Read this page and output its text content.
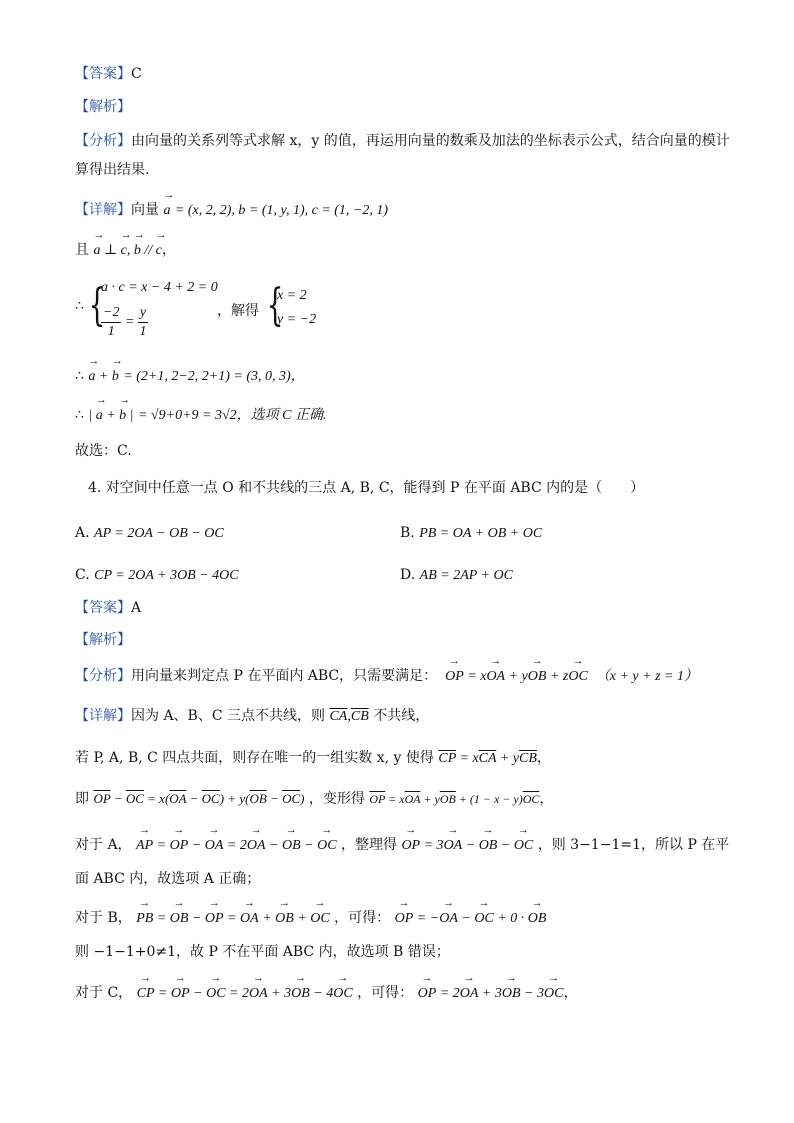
【答案】C
【解析】
【分析】由向量的关系列等式求解 x，y 的值，再运用向量的数乘及加法的坐标表示公式，结合向量的模计
算得出结果.
【详解】向量 → a = (x, 2, 2), b = (1, y, 1), c = (1, −2, 1)
且 → a ⊥ → c, → b // → c，
∴ {
a · c = x − 4 + 2 = 0
$\frac{-2}{1} = \frac{y}{1}$	，解得 {
x = 2
y = −2
∴ → a + → b = (2+1, 2−2, 2+1) = (3, 0, 3)，
∴ | → a + → b | = √9+0+9 = 3√2，选项 C 正确.
故选：C.
4. 对空间中任意一点 O 和不共线的三点 A, B, C，能得到 P 在平面 ABC 内的是（　　）
A. AP = 2OA − OB − OC	B. PB = OA + OB + OC
C. CP = 2OA + 3OB − 4OC	D. AB = 2AP + OC
【答案】A
【解析】
【分析】用向量来判定点 P 在平面内 ABC，只需要满足： → OP = x→ OA + y→ OB + z→ OC （x + y + z = 1）
【详解】因为 A、B、C 三点不共线，则 $\overline{CA},\overline{CB}$ 不共线，
若 P, A, B, C 四点共面，则存在唯一的一组实数 x, y 使得 $\overline{CP} = x\overline{CA} + y\overline{CB}$，
即 $\overline{OP} - \overline{OC} = x(\overline{OA} - \overline{OC}) + y(\overline{OB} - \overline{OC})$ ，变形得 $\overline{OP} = x\overline{OA} + y\overline{OB} + (1 - x - y)\overline{OC}$，
对于 A， → AP = → OP − → OA = 2→ OA − → OB − → OC ，整理得 → OP = 3→ OA − → OB − → OC ，则 3−1−1=1，所以 P 在平
面 ABC 内，故选项 A 正确；
对于 B， → PB = → OB − → OP = → OA + → OB + → OC ，可得： → OP = −→ OA − → OC + 0 · → OB
则 −1−1+0≠1，故 P 不在平面 ABC 内，故选项 B 错误；
对于 C， → CP = → OP − → OC = 2→ OA + 3→ OB − 4→ OC ，可得： → OP = 2→ OA + 3→ OB − 3→ OC，
